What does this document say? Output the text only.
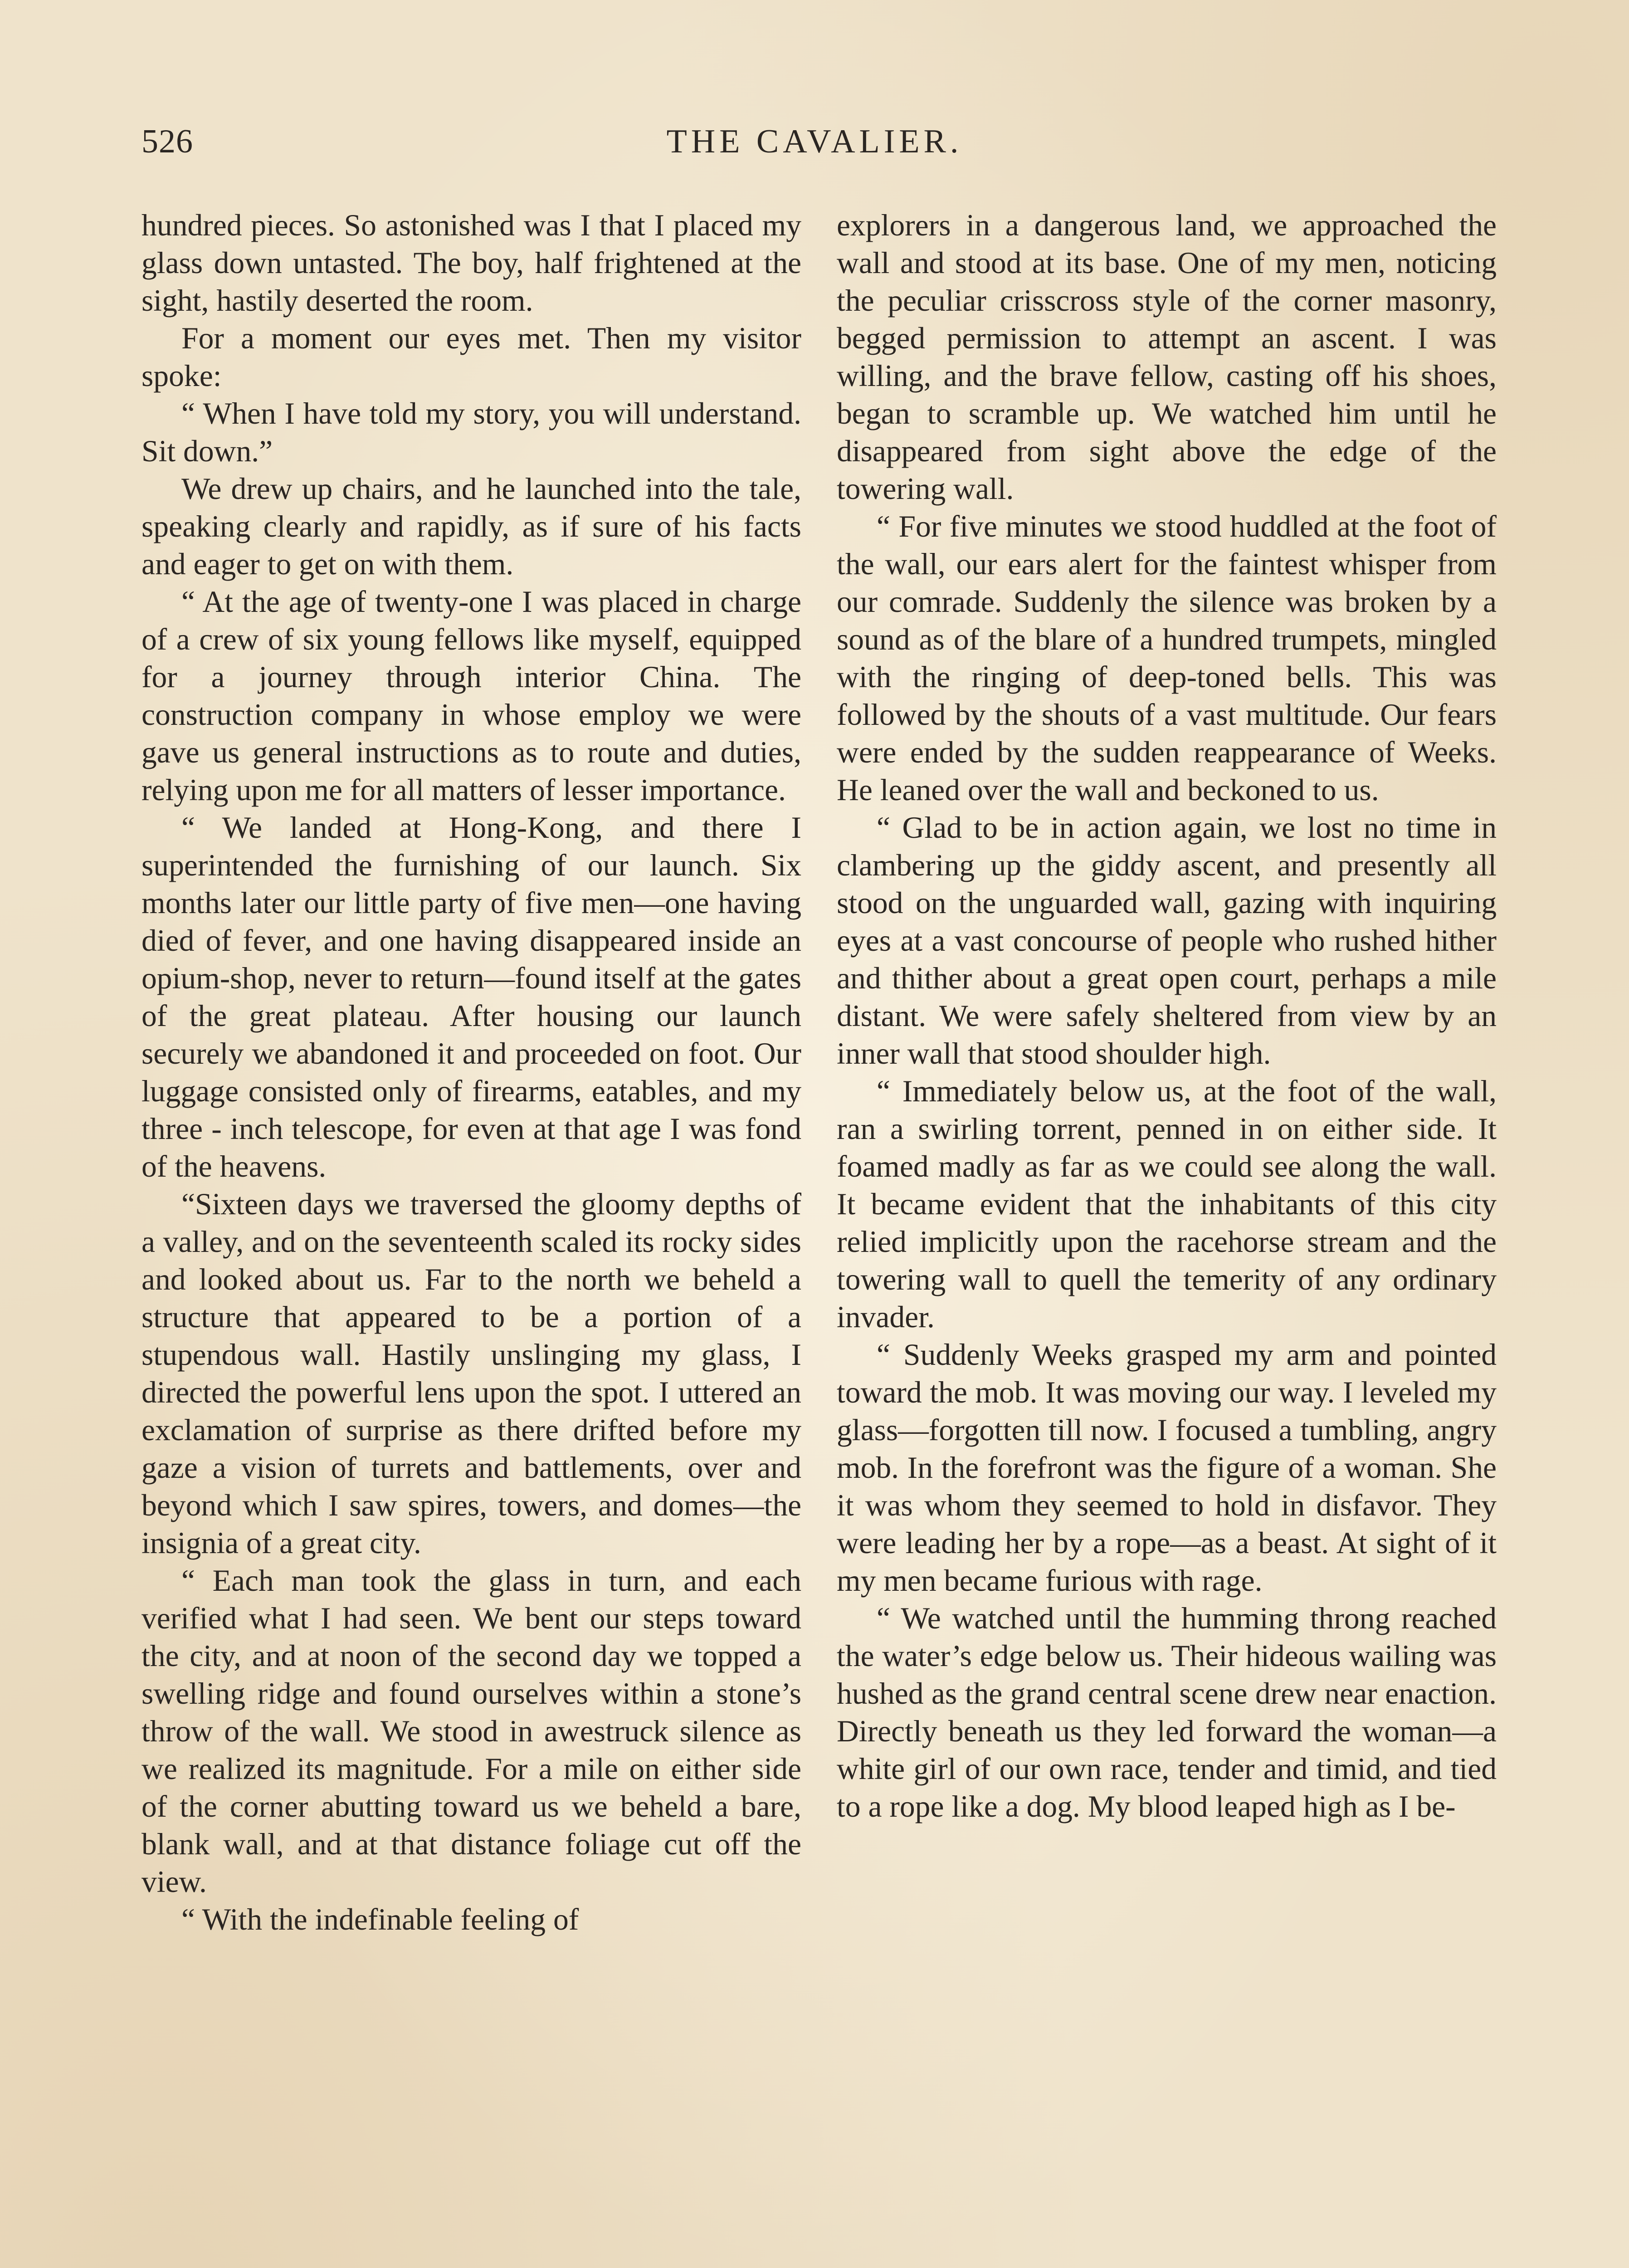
526	THE CAVALIER.

hundred pieces. So astonished was I that I placed my glass down untasted. The boy, half frightened at the sight, hastily deserted the room.

For a moment our eyes met. Then my visitor spoke:

“ When I have told my story, you will understand. Sit down.”

We drew up chairs, and he launched into the tale, speaking clearly and rapidly, as if sure of his facts and eager to get on with them.

“ At the age of twenty-one I was placed in charge of a crew of six young fellows like myself, equipped for a journey through interior China. The construction company in whose employ we were gave us general instructions as to route and duties, relying upon me for all matters of lesser importance.

“ We landed at Hong-Kong, and there I superintended the furnishing of our launch. Six months later our little party of five men—one having died of fever, and one having disappeared inside an opium-shop, never to return—found itself at the gates of the great plateau. After housing our launch securely we abandoned it and proceeded on foot. Our luggage consisted only of firearms, eatables, and my three - inch telescope, for even at that age I was fond of the heavens.

“Sixteen days we traversed the gloomy depths of a valley, and on the seventeenth scaled its rocky sides and looked about us. Far to the north we beheld a structure that appeared to be a portion of a stupendous wall. Hastily unslinging my glass, I directed the powerful lens upon the spot. I uttered an exclamation of surprise as there drifted before my gaze a vision of turrets and battlements, over and beyond which I saw spires, towers, and domes—the insignia of a great city.

“ Each man took the glass in turn, and each verified what I had seen. We bent our steps toward the city, and at noon of the second day we topped a swelling ridge and found ourselves within a stone’s throw of the wall. We stood in awestruck silence as we realized its magnitude. For a mile on either side of the corner abutting toward us we beheld a bare, blank wall, and at that distance foliage cut off the view.

“ With the indefinable feeling of

explorers in a dangerous land, we approached the wall and stood at its base. One of my men, noticing the peculiar crisscross style of the corner masonry, begged permission to attempt an ascent. I was willing, and the brave fellow, casting off his shoes, began to scramble up. We watched him until he disappeared from sight above the edge of the towering wall.

“ For five minutes we stood huddled at the foot of the wall, our ears alert for the faintest whisper from our comrade. Suddenly the silence was broken by a sound as of the blare of a hundred trumpets, mingled with the ringing of deep-toned bells. This was followed by the shouts of a vast multitude. Our fears were ended by the sudden reappearance of Weeks. He leaned over the wall and beckoned to us.

“ Glad to be in action again, we lost no time in clambering up the giddy ascent, and presently all stood on the unguarded wall, gazing with inquiring eyes at a vast concourse of people who rushed hither and thither about a great open court, perhaps a mile distant. We were safely sheltered from view by an inner wall that stood shoulder high.

“ Immediately below us, at the foot of the wall, ran a swirling torrent, penned in on either side. It foamed madly as far as we could see along the wall. It became evident that the inhabitants of this city relied implicitly upon the racehorse stream and the towering wall to quell the temerity of any ordinary invader.

“ Suddenly Weeks grasped my arm and pointed toward the mob. It was moving our way. I leveled my glass—forgotten till now. I focused a tumbling, angry mob. In the forefront was the figure of a woman. She it was whom they seemed to hold in disfavor. They were leading her by a rope—as a beast. At sight of it my men became furious with rage.

“ We watched until the humming throng reached the water’s edge below us. Their hideous wailing was hushed as the grand central scene drew near enaction. Directly beneath us they led forward the woman—a white girl of our own race, tender and timid, and tied to a rope like a dog. My blood leaped high as I be-
